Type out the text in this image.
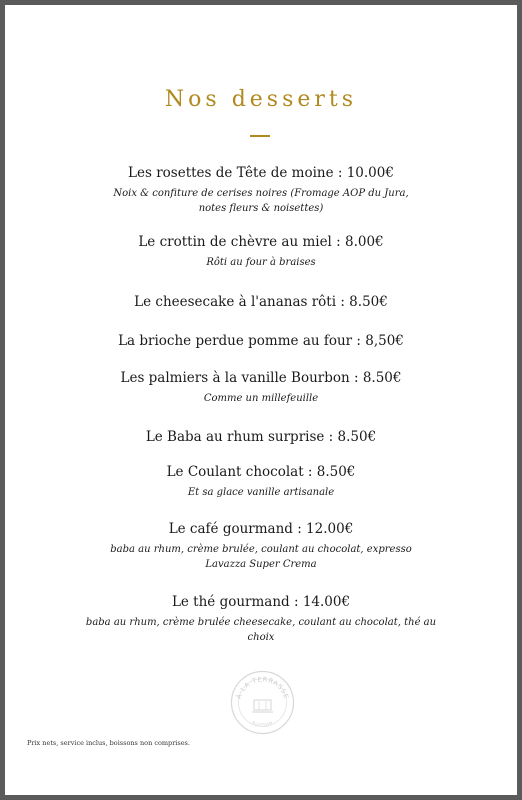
Nos desserts
Les rosettes de Tête de moine : 10.00€
Noix & confiture de cerises noires (Fromage AOP du Jura, notes fleurs & noisettes)
Le crottin de chèvre au miel : 8.00€
Rôti au four à braises
Le cheesecake à l'ananas rôti : 8.50€
La brioche perdue pomme au four : 8,50€
Les palmiers à la vanille Bourbon : 8.50€
Comme un millefeuille
Le Baba au rhum surprise : 8.50€
Le Coulant chocolat : 8.50€
Et sa glace vanille artisanale
Le café gourmand : 12.00€
baba au rhum, crème brulée, coulant au chocolat, expresso Lavazza Super Crema
Le thé gourmand : 14.00€
baba au rhum, crème brulée cheesecake, coulant au chocolat, thé au choix
À LA TERRASSE
BUISSON
Prix nets, service inclus, boissons non comprises.
